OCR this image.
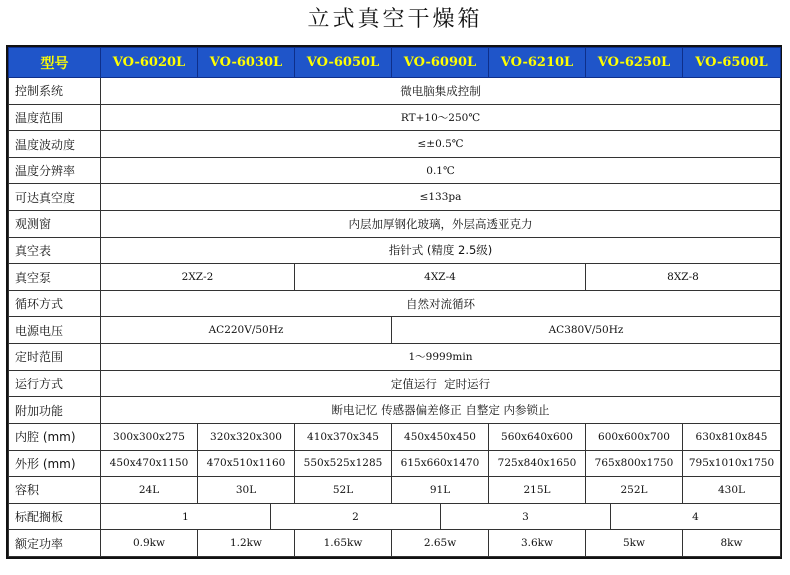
立式真空干燥箱
型号	VO-6020L	VO-6030L	VO-6050L	VO-6090L	VO-6210L	VO-6250L	VO-6500L
控制系统	微电脑集成控制						
温度范围	RT+10～250℃						
温度波动度	≤±0.5℃						
温度分辨率	0.1℃						
可达真空度	≤133pa						
观测窗	内层加厚钢化玻璃，外层高透亚克力						
真空表	指针式 (精度 2.5级)						
真空泵	2XZ-2		4XZ-4			8XZ-8	
循环方式	自然对流循环						
电源电压	AC220V/50Hz			AC380V/50Hz			
定时范围	1～9999min						
运行方式	定值运行  定时运行						
附加功能	断电记忆 传感器偏差修正 自整定 内参锁止						
内腔 (mm)	300x300x275	320x320x300	410x370x345	450x450x450	560x640x600	600x600x700	630x810x845
外形 (mm)	450x470x1150	470x510x1160	550x525x1285	615x660x1470	725x840x1650	765x800x1750	795x1010x1750
容积	24L	30L	52L	91L	215L	252L	430L
标配搁板	1 2 3 4						

额定功率	0.9kw	1.2kw	1.65kw	2.65w	3.6kw	5kw	8kw
